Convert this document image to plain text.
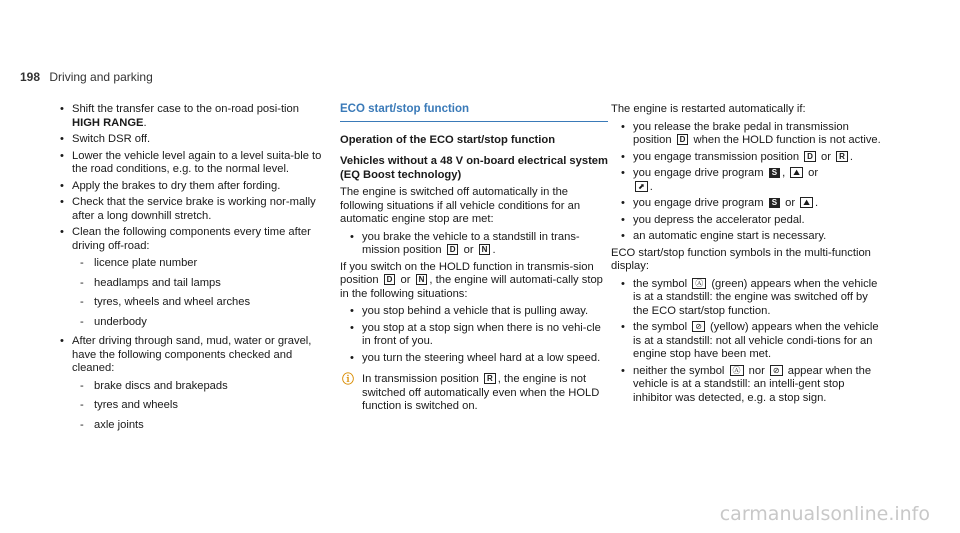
198 Driving and parking
• Shift the transfer case to the on-road posi-tion HIGH RANGE.
• Switch DSR off.
• Lower the vehicle level again to a level suita-ble to the road conditions, e.g. to the normal level.
• Apply the brakes to dry them after fording.
• Check that the service brake is working nor-mally after a long downhill stretch.
• Clean the following components every time after driving off-road:
- licence plate number
- headlamps and tail lamps
- tyres, wheels and wheel arches
- underbody
• After driving through sand, mud, water or gravel, have the following components checked and cleaned:
- brake discs and brakepads
- tyres and wheels
- axle joints
ECO start/stop function
Operation of the ECO start/stop function
Vehicles without a 48 V on-board electrical system (EQ Boost technology)

The engine is switched off automatically in the following situations if all vehicle conditions for an automatic engine stop are met:

• you brake the vehicle to a standstill in trans-mission position D or N .

If you switch on the HOLD function in transmis-sion position D or N , the engine will automati-cally stop in the following situations:

• you stop behind a vehicle that is pulling away.
• you stop at a stop sign when there is no vehi-cle in front of you.
• you turn the steering wheel hard at a low speed.
ⓘ In transmission position R , the engine is not switched off automatically even when the HOLD function is switched on.

The engine is restarted automatically if:

• you release the brake pedal in transmission position D when the HOLD function is not active.
• you engage transmission position D or R .
• you engage drive program S , ⛰ or
⬈ .
• you engage drive program S or ⛰ .
• you depress the accelerator pedal.
• an automatic engine start is necessary.

ECO start/stop function symbols in the multi-function display:

• the symbol Ⓐ (green) appears when the vehicle is at a standstill: the engine was switched off by the ECO start/stop function.
• the symbol ⊘ (yellow) appears when the vehicle is at a standstill: not all vehicle condi-tions for an engine stop have been met.
• neither the symbol Ⓐ nor ⊘ appear when the vehicle is at a standstill: an intelli-gent stop inhibitor was detected, e.g. a stop sign.
carmanualsonline.info
